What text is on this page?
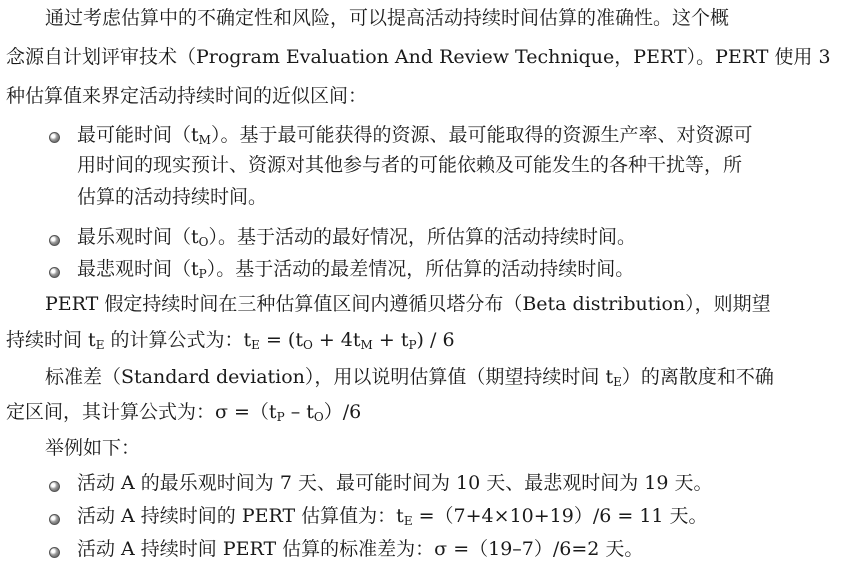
通过考虑估算中的不确定性和风险，可以提高活动持续时间估算的准确性。这个概
念源自计划评审技术（Program Evaluation And Review Technique，PERT）。PERT 使用 3
种估算值来界定活动持续时间的近似区间：
最可能时间$(t_M)$。基于最可能获得的资源、最可能取得的资源生产率、对资源可
用时间的现实预计、资源对其他参与者的可能依赖及可能发生的各种干扰等，所
估算的活动持续时间。
最乐观时间$(t_O)$。基于活动的最好情况，所估算的活动持续时间。
最悲观时间$(t_P)$。基于活动的最差情况，所估算的活动持续时间。
PERT 假定持续时间在三种估算值区间内遵循贝塔分布（Beta distribution），则期望
持续时间 $t_E$ 的计算公式为：$t_E = (t_O + 4t_M + t_P) / 6$
标准差（Standard deviation），用以说明估算值（期望持续时间 $t_E$）的离散度和不确
定区间，其计算公式为：$\sigma =(t_P - t_O)/6$
举例如下：
活动 A 的最乐观时间为 7 天、最可能时间为 10 天、最悲观时间为 19 天。
活动 A 持续时间的 PERT 估算值为：$t_E =(7+4\times 10+19)/6 = 11$ 天。
活动 A 持续时间 PERT 估算的标准差为：σ =（19–7）/6=2 天。
